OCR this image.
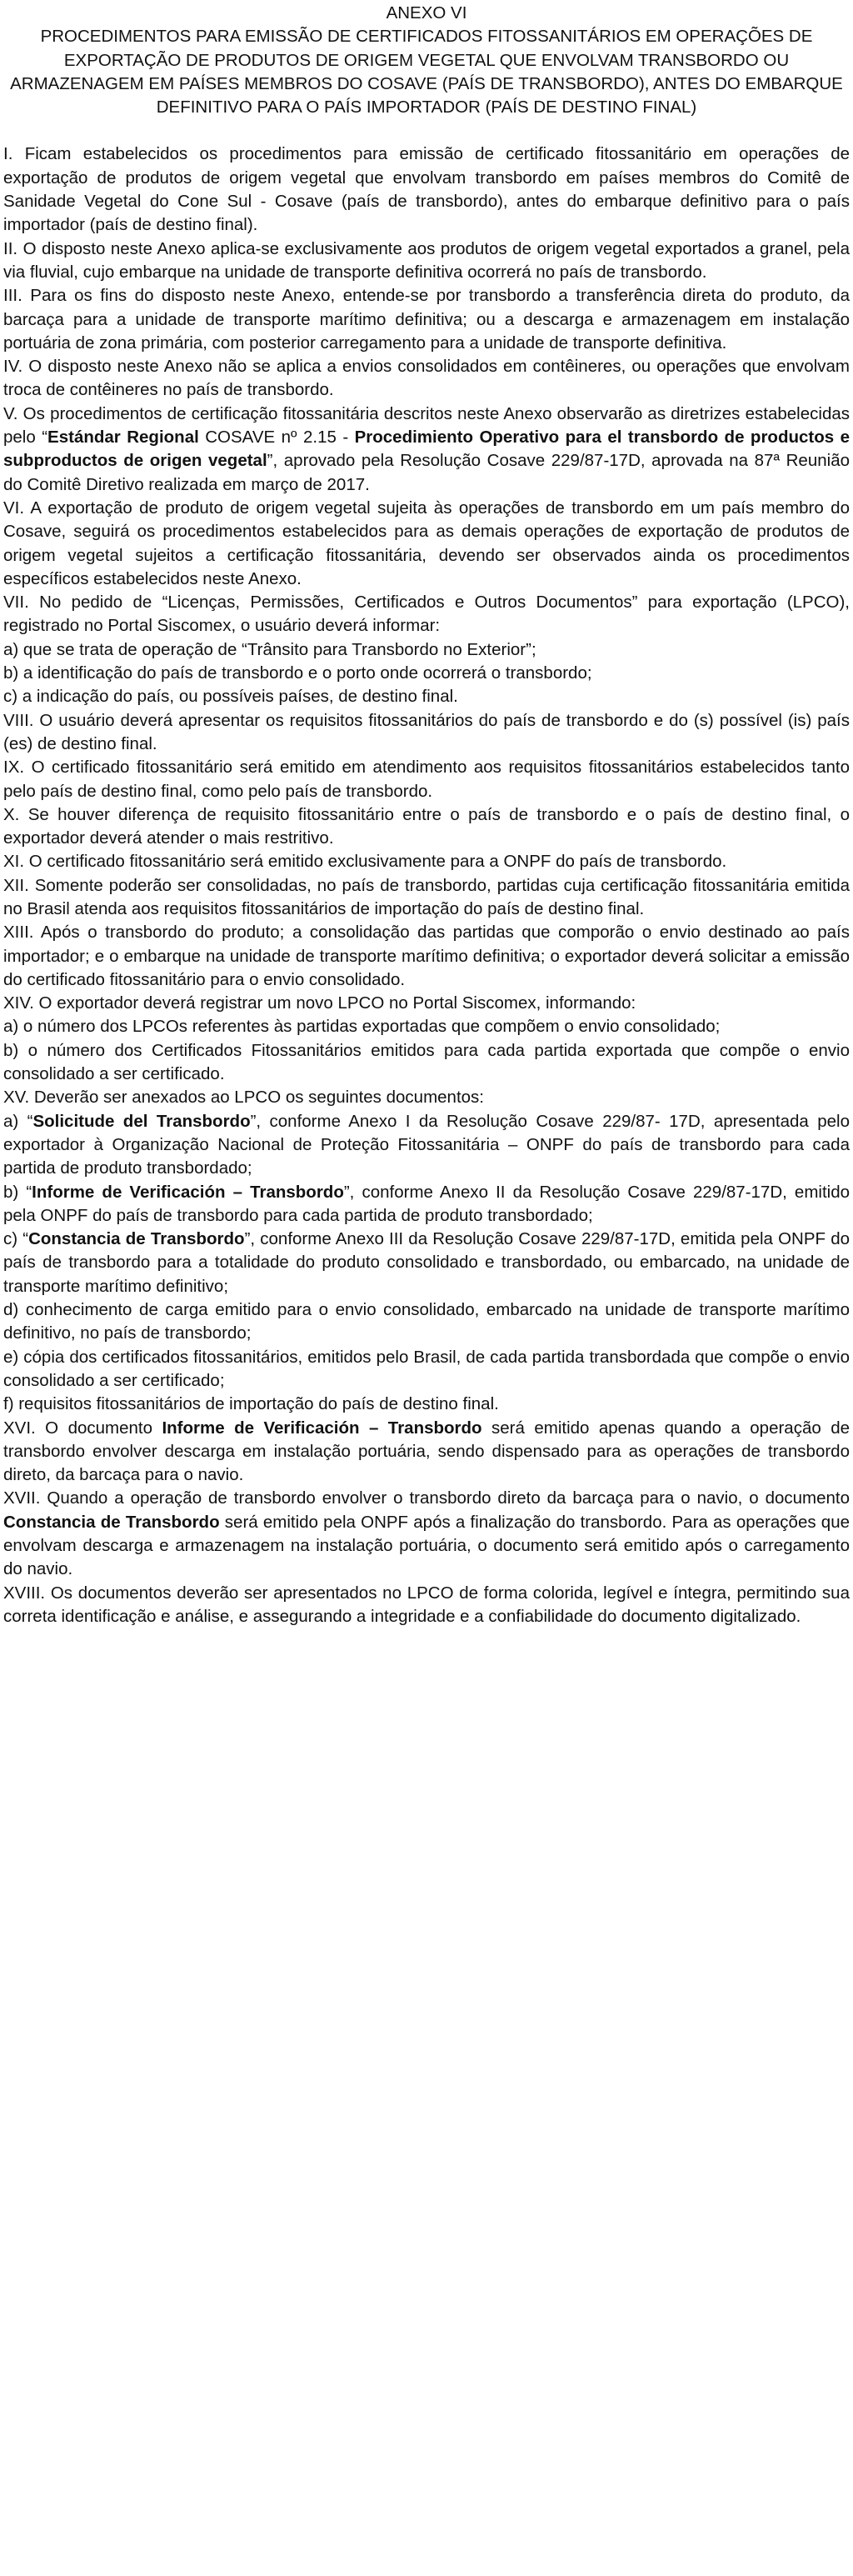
ANEXO VI

PROCEDIMENTOS PARA EMISSÃO DE CERTIFICADOS FITOSSANITÁRIOS EM OPERAÇÕES DE EXPORTAÇÃO DE PRODUTOS DE ORIGEM VEGETAL QUE ENVOLVAM TRANSBORDO OU ARMAZENAGEM EM PAÍSES MEMBROS DO COSAVE (PAÍS DE TRANSBORDO), ANTES DO EMBARQUE DEFINITIVO PARA O PAÍS IMPORTADOR (PAÍS DE DESTINO FINAL)

I. Ficam estabelecidos os procedimentos para emissão de certificado fitossanitário em operações de exportação de produtos de origem vegetal que envolvam transbordo em países membros do Comitê de Sanidade Vegetal do Cone Sul - Cosave (país de transbordo), antes do embarque definitivo para o país importador (país de destino final).

II. O disposto neste Anexo aplica-se exclusivamente aos produtos de origem vegetal exportados a granel, pela via fluvial, cujo embarque na unidade de transporte definitiva ocorrerá no país de transbordo.

III. Para os fins do disposto neste Anexo, entende-se por transbordo a transferência direta do produto, da barcaça para a unidade de transporte marítimo definitiva; ou a descarga e armazenagem em instalação portuária de zona primária, com posterior carregamento para a unidade de transporte definitiva.

IV. O disposto neste Anexo não se aplica a envios consolidados em contêineres, ou operações que envolvam troca de contêineres no país de transbordo.

V. Os procedimentos de certificação fitossanitária descritos neste Anexo observarão as diretrizes estabelecidas pelo “Estándar Regional COSAVE nº 2.15 - Procedimiento Operativo para el transbordo de productos e subproductos de origen vegetal”, aprovado pela Resolução Cosave 229/87-17D, aprovada na 87ª Reunião do Comitê Diretivo realizada em março de 2017.

VI. A exportação de produto de origem vegetal sujeita às operações de transbordo em um país membro do Cosave, seguirá os procedimentos estabelecidos para as demais operações de exportação de produtos de origem vegetal sujeitos a certificação fitossanitária, devendo ser observados ainda os procedimentos específicos estabelecidos neste Anexo.

VII. No pedido de “Licenças, Permissões, Certificados e Outros Documentos” para exportação (LPCO), registrado no Portal Siscomex, o usuário deverá informar:

a) que se trata de operação de “Trânsito para Transbordo no Exterior”;

b) a identificação do país de transbordo e o porto onde ocorrerá o transbordo;

c) a indicação do país, ou possíveis países, de destino final.

VIII. O usuário deverá apresentar os requisitos fitossanitários do país de transbordo e do (s) possível (is) país (es) de destino final.

IX. O certificado fitossanitário será emitido em atendimento aos requisitos fitossanitários estabelecidos tanto pelo país de destino final, como pelo país de transbordo.

X. Se houver diferença de requisito fitossanitário entre o país de transbordo e o país de destino final, o exportador deverá atender o mais restritivo.

XI. O certificado fitossanitário será emitido exclusivamente para a ONPF do país de transbordo.

XII. Somente poderão ser consolidadas, no país de transbordo, partidas cuja certificação fitossanitária emitida no Brasil atenda aos requisitos fitossanitários de importação do país de destino final.

XIII. Após o transbordo do produto; a consolidação das partidas que comporão o envio destinado ao país importador; e o embarque na unidade de transporte marítimo definitiva; o exportador deverá solicitar a emissão do certificado fitossanitário para o envio consolidado.

XIV. O exportador deverá registrar um novo LPCO no Portal Siscomex, informando:

a) o número dos LPCOs referentes às partidas exportadas que compõem o envio consolidado;

b) o número dos Certificados Fitossanitários emitidos para cada partida exportada que compõe o envio consolidado a ser certificado.

XV. Deverão ser anexados ao LPCO os seguintes documentos:

a) “Solicitude del Transbordo”, conforme Anexo I da Resolução Cosave 229/87- 17D, apresentada pelo exportador à Organização Nacional de Proteção Fitossanitária – ONPF do país de transbordo para cada partida de produto transbordado;

b) “Informe de Verificación – Transbordo”, conforme Anexo II da Resolução Cosave 229/87-17D, emitido pela ONPF do país de transbordo para cada partida de produto transbordado;

c) “Constancia de Transbordo”, conforme Anexo III da Resolução Cosave 229/87-17D, emitida pela ONPF do país de transbordo para a totalidade do produto consolidado e transbordado, ou embarcado, na unidade de transporte marítimo definitivo;

d) conhecimento de carga emitido para o envio consolidado, embarcado na unidade de transporte marítimo definitivo, no país de transbordo;

e) cópia dos certificados fitossanitários, emitidos pelo Brasil, de cada partida transbordada que compõe o envio consolidado a ser certificado;

f) requisitos fitossanitários de importação do país de destino final.

XVI. O documento Informe de Verificación – Transbordo será emitido apenas quando a operação de transbordo envolver descarga em instalação portuária, sendo dispensado para as operações de transbordo direto, da barcaça para o navio.

XVII. Quando a operação de transbordo envolver o transbordo direto da barcaça para o navio, o documento Constancia de Transbordo será emitido pela ONPF após a finalização do transbordo. Para as operações que envolvam descarga e armazenagem na instalação portuária, o documento será emitido após o carregamento do navio.

XVIII. Os documentos deverão ser apresentados no LPCO de forma colorida, legível e íntegra, permitindo sua correta identificação e análise, e assegurando a integridade e a confiabilidade do documento digitalizado.
